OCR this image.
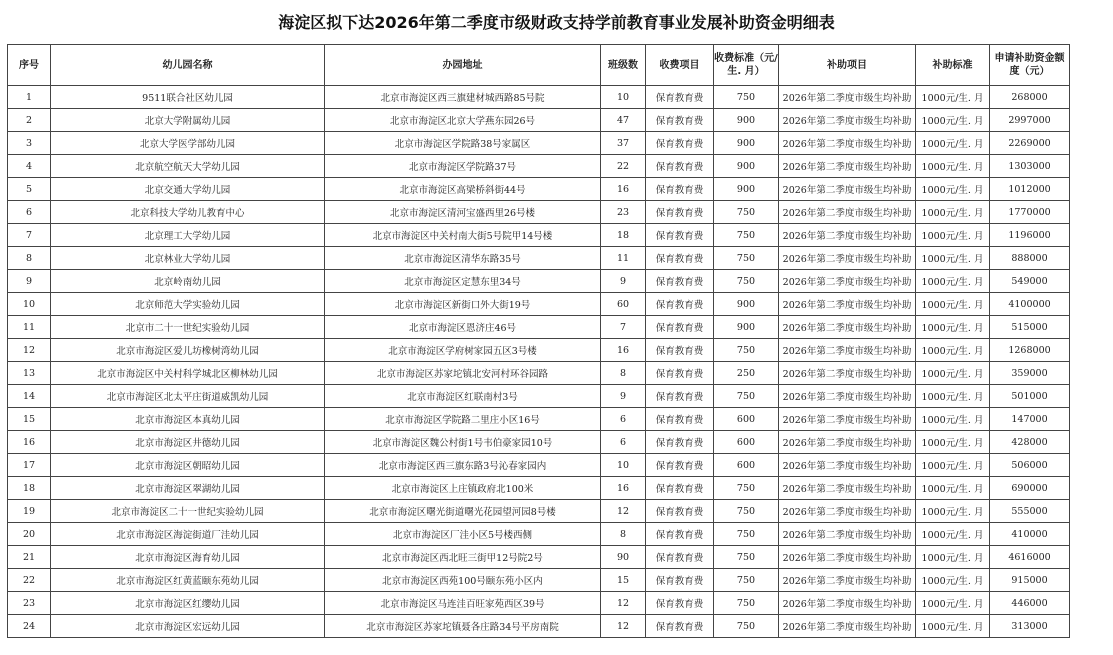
海淀区拟下达2026年第二季度市级财政支持学前教育事业发展补助资金明细表
序号	幼儿园名称	办园地址	班级数	收费项目	收费标准（元/生. 月）	补助项目	补助标准	申请补助资金额度（元）
1	9511联合社区幼儿园	北京市海淀区西三旗建材城西路85号院	10	保育教育费	750	2026年第二季度市级生均补助	1000元/生. 月	268000
2	北京大学附属幼儿园	北京市海淀区北京大学燕东园26号	47	保育教育费	900	2026年第二季度市级生均补助	1000元/生. 月	2997000
3	北京大学医学部幼儿园	北京市海淀区学院路38号家属区	37	保育教育费	900	2026年第二季度市级生均补助	1000元/生. 月	2269000
4	北京航空航天大学幼儿园	北京市海淀区学院路37号	22	保育教育费	900	2026年第二季度市级生均补助	1000元/生. 月	1303000
5	北京交通大学幼儿园	北京市海淀区高梁桥斜街44号	16	保育教育费	900	2026年第二季度市级生均补助	1000元/生. 月	1012000
6	北京科技大学幼儿教育中心	北京市海淀区清河宝盛西里26号楼	23	保育教育费	750	2026年第二季度市级生均补助	1000元/生. 月	1770000
7	北京理工大学幼儿园	北京市海淀区中关村南大街5号院甲14号楼	18	保育教育费	750	2026年第二季度市级生均补助	1000元/生. 月	1196000
8	北京林业大学幼儿园	北京市海淀区清华东路35号	11	保育教育费	750	2026年第二季度市级生均补助	1000元/生. 月	888000
9	北京岭南幼儿园	北京市海淀区定慧东里34号	9	保育教育费	750	2026年第二季度市级生均补助	1000元/生. 月	549000
10	北京师范大学实验幼儿园	北京市海淀区新街口外大街19号	60	保育教育费	900	2026年第二季度市级生均补助	1000元/生. 月	4100000
11	北京市二十一世纪实验幼儿园	北京市海淀区恩济庄46号	7	保育教育费	900	2026年第二季度市级生均补助	1000元/生. 月	515000
12	北京市海淀区爱儿坊橡树湾幼儿园	北京市海淀区学府树家园五区3号楼	16	保育教育费	750	2026年第二季度市级生均补助	1000元/生. 月	1268000
13	北京市海淀区中关村科学城北区柳林幼儿园	北京市海淀区苏家坨镇北安河村环谷园路	8	保育教育费	250	2026年第二季度市级生均补助	1000元/生. 月	359000
14	北京市海淀区北太平庄街道威凯幼儿园	北京市海淀区红联南村3号	9	保育教育费	750	2026年第二季度市级生均补助	1000元/生. 月	501000
15	北京市海淀区本真幼儿园	北京市海淀区学院路二里庄小区16号	6	保育教育费	600	2026年第二季度市级生均补助	1000元/生. 月	147000
16	北京市海淀区井德幼儿园	北京市海淀区魏公村街1号韦伯豪家园10号	6	保育教育费	600	2026年第二季度市级生均补助	1000元/生. 月	428000
17	北京市海淀区朝昭幼儿园	北京市海淀区西三旗东路3号沁春家园内	10	保育教育费	600	2026年第二季度市级生均补助	1000元/生. 月	506000
18	北京市海淀区翠湖幼儿园	北京市海淀区上庄镇政府北100米	16	保育教育费	750	2026年第二季度市级生均补助	1000元/生. 月	690000
19	北京市海淀区二十一世纪实验幼儿园	北京市海淀区曙光街道曙光花园望河园8号楼	12	保育教育费	750	2026年第二季度市级生均补助	1000元/生. 月	555000
20	北京市海淀区海淀街道厂洼幼儿园	北京市海淀区厂洼小区5号楼西侧	8	保育教育费	750	2026年第二季度市级生均补助	1000元/生. 月	410000
21	北京市海淀区海育幼儿园	北京市海淀区西北旺三街甲12号院2号	90	保育教育费	750	2026年第二季度市级生均补助	1000元/生. 月	4616000
22	北京市海淀区红黄蓝颐东苑幼儿园	北京市海淀区西苑100号颐东苑小区内	15	保育教育费	750	2026年第二季度市级生均补助	1000元/生. 月	915000
23	北京市海淀区红缨幼儿园	北京市海淀区马连洼百旺家苑西区39号	12	保育教育费	750	2026年第二季度市级生均补助	1000元/生. 月	446000
24	北京市海淀区宏远幼儿园	北京市海淀区苏家坨镇聂各庄路34号平房南院	12	保育教育费	750	2026年第二季度市级生均补助	1000元/生. 月	313000
